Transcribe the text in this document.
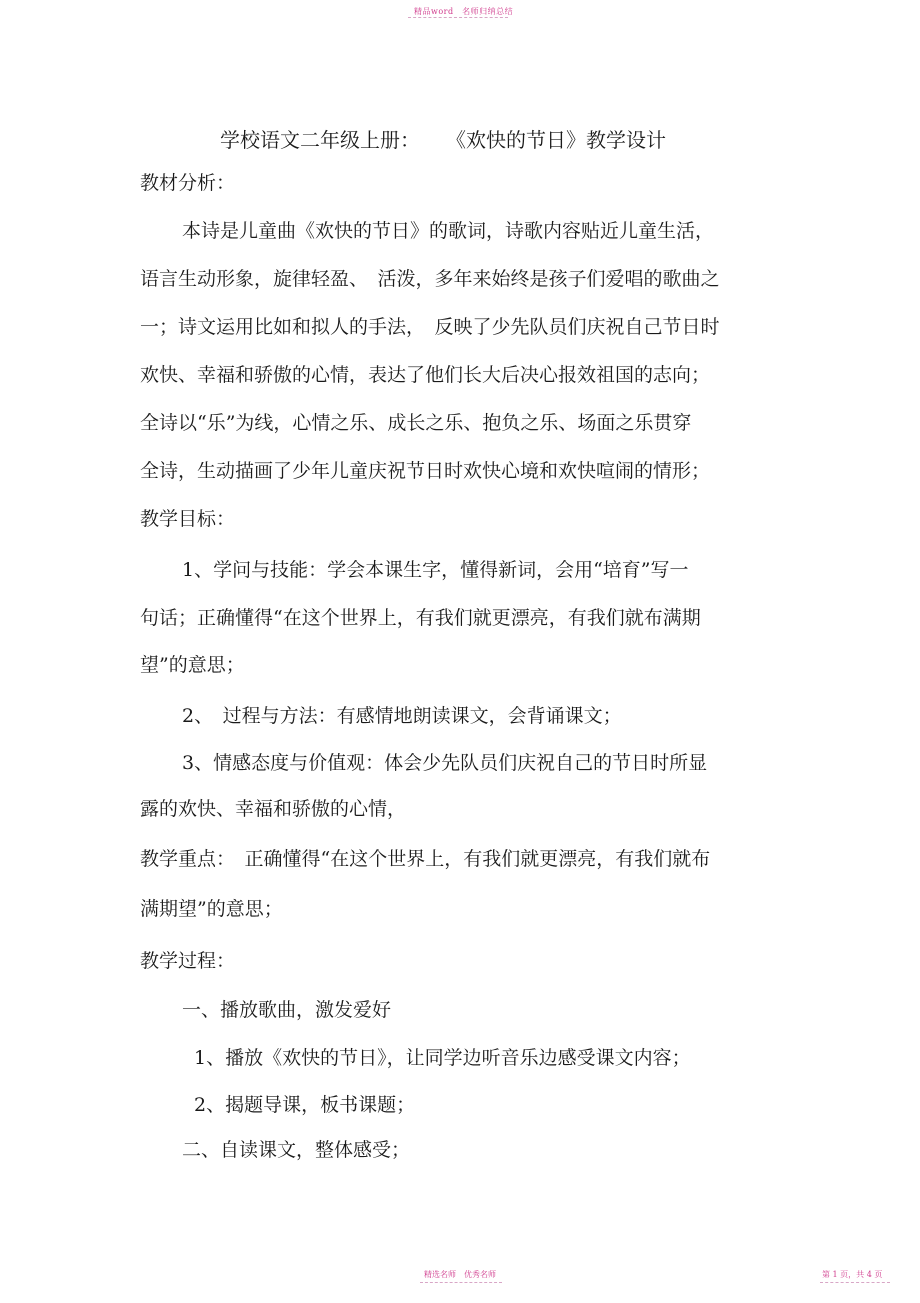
精品word　名师归纳总结
学校语文二年级上册： 《欢快的节日》教学设计
教材分析：
本诗是儿童曲《欢快的节日》的歌词，诗歌内容贴近儿童生活，
语言生动形象，旋律轻盈、　活泼，多年来始终是孩子们爱唱的歌曲之
一；诗文运用比如和拟人的手法，　反映了少先队员们庆祝自己节日时
欢快、幸福和骄傲的心情，表达了他们长大后决心报效祖国的志向；
全诗以“乐”为线，心情之乐、成长之乐、抱负之乐、场面之乐贯穿
全诗，生动描画了少年儿童庆祝节日时欢快心境和欢快喧闹的情形；
教学目标：
1、学问与技能：学会本课生字，懂得新词，会用“培育”写一
句话；正确懂得“在这个世界上，有我们就更漂亮，有我们就布满期
望”的意思；
2、　过程与方法：有感情地朗读课文，会背诵课文；
3、情感态度与价值观：体会少先队员们庆祝自己的节日时所显
露的欢快、幸福和骄傲的心情，
教学重点：　正确懂得“在这个世界上，有我们就更漂亮，有我们就布
满期望”的意思；
教学过程：
一、播放歌曲，激发爱好
1、播放《欢快的节日》，让同学边听音乐边感受课文内容；
2、揭题导课，板书课题；
二、自读课文，整体感受；
精选名师　优秀名师	第 1 页，共 4 页
